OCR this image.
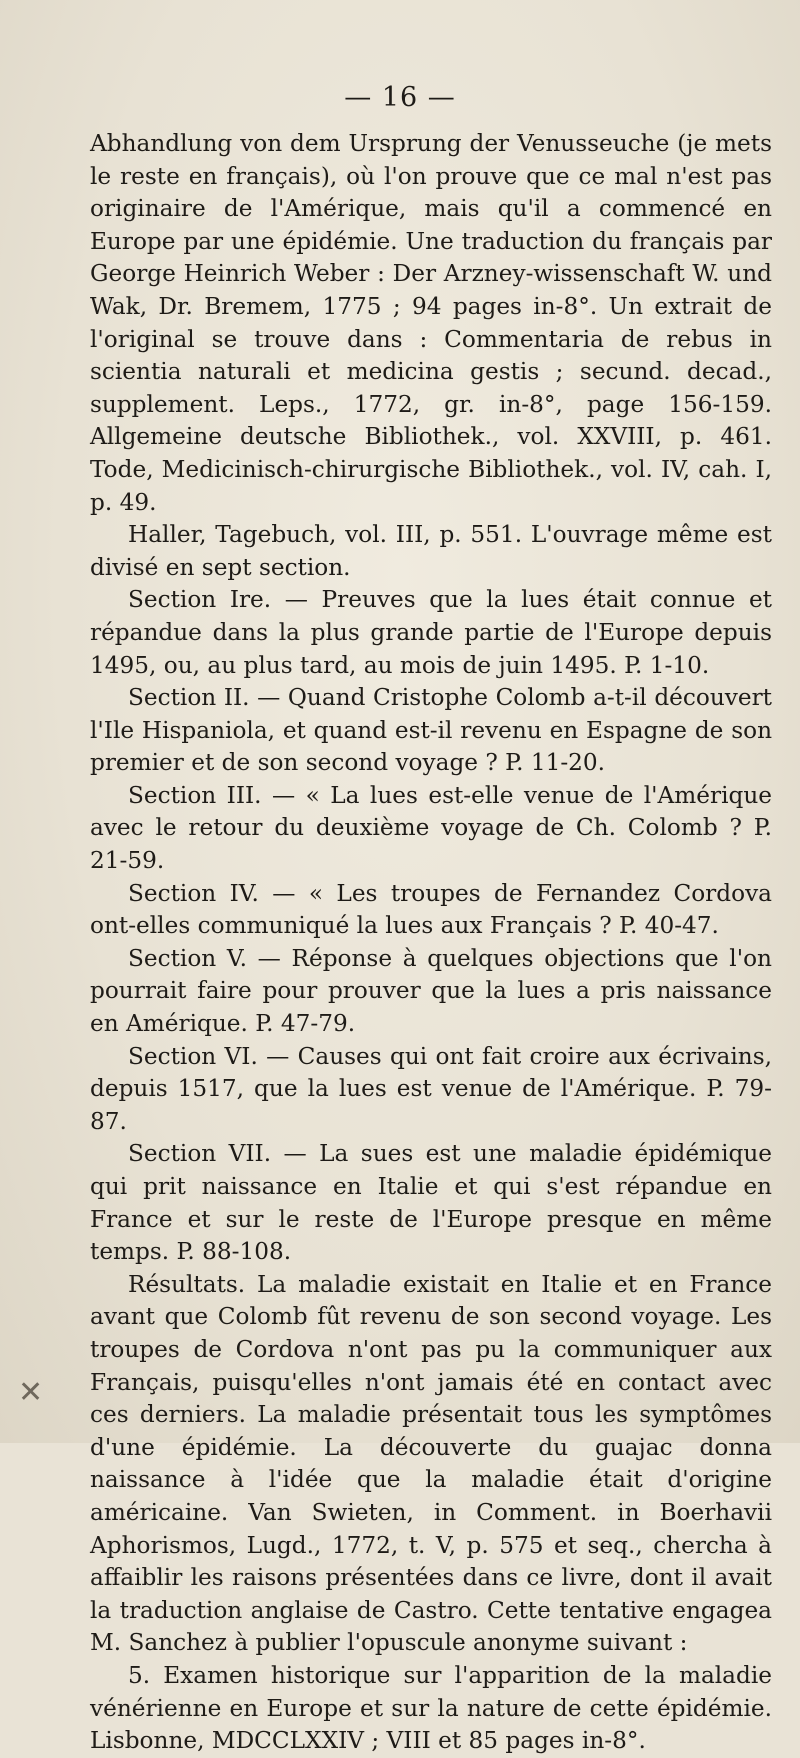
— 16 —

Abhandlung von dem Ursprung der Venusseuche (je mets le reste en français), où l'on prouve que ce mal n'est pas originaire de l'Amérique, mais qu'il a commencé en Europe par une épidémie. Une traduction du français par George Heinrich Weber : Der Arzney-wissenschaft W. und Wak, Dr. Bremem, 1775 ; 94 pages in-8°. Un extrait de l'original se trouve dans : Commentaria de rebus in scientia naturali et medicina gestis ; secund. decad., supplement. Leps., 1772, gr. in-8°, page 156-159. Allgemeine deutsche Bibliothek., vol. XXVIII, p. 461. Tode, Medicinisch-chirurgische Bibliothek., vol. IV, cah. I, p. 49.

Haller, Tagebuch, vol. III, p. 551. L'ouvrage même est divisé en sept section.

Section Ire. — Preuves que la lues était connue et répandue dans la plus grande partie de l'Europe depuis 1495, ou, au plus tard, au mois de juin 1495. P. 1-10.

Section II. — Quand Cristophe Colomb a-t-il découvert l'Ile Hispaniola, et quand est-il revenu en Espagne de son premier et de son second voyage ? P. 11-20.

Section III. — « La lues est-elle venue de l'Amérique avec le retour du deuxième voyage de Ch. Colomb ? P. 21-59.

Section IV. — « Les troupes de Fernandez Cordova ont-elles communiqué la lues aux Français ? P. 40-47.

Section V. — Réponse à quelques objections que l'on pourrait faire pour prouver que la lues a pris naissance en Amérique. P. 47-79.

Section VI. — Causes qui ont fait croire aux écrivains, depuis 1517, que la lues est venue de l'Amérique. P. 79-87.

Section VII. — La sues est une maladie épidémique qui prit naissance en Italie et qui s'est répandue en France et sur le reste de l'Europe presque en même temps. P. 88-108.

Résultats. La maladie existait en Italie et en France avant que Colomb fût revenu de son second voyage. Les troupes de Cordova n'ont pas pu la communiquer aux Français, puisqu'elles n'ont jamais été en contact avec ces derniers. La maladie présentait tous les symptômes d'une épidémie. La découverte du guajac donna naissance à l'idée que la maladie était d'origine américaine. Van Swieten, in Comment. in Boerhavii Aphorismos, Lugd., 1772, t. V, p. 575 et seq., chercha à affaiblir les raisons présentées dans ce livre, dont il avait la traduction anglaise de Castro. Cette tentative engagea M. Sanchez à publier l'opuscule anonyme suivant :

5. Examen historique sur l'apparition de la maladie vénérienne en Europe et sur la nature de cette épidémie. Lisbonne, MDCCLXXIV ; VIII et 85 pages in-8°.

✕
